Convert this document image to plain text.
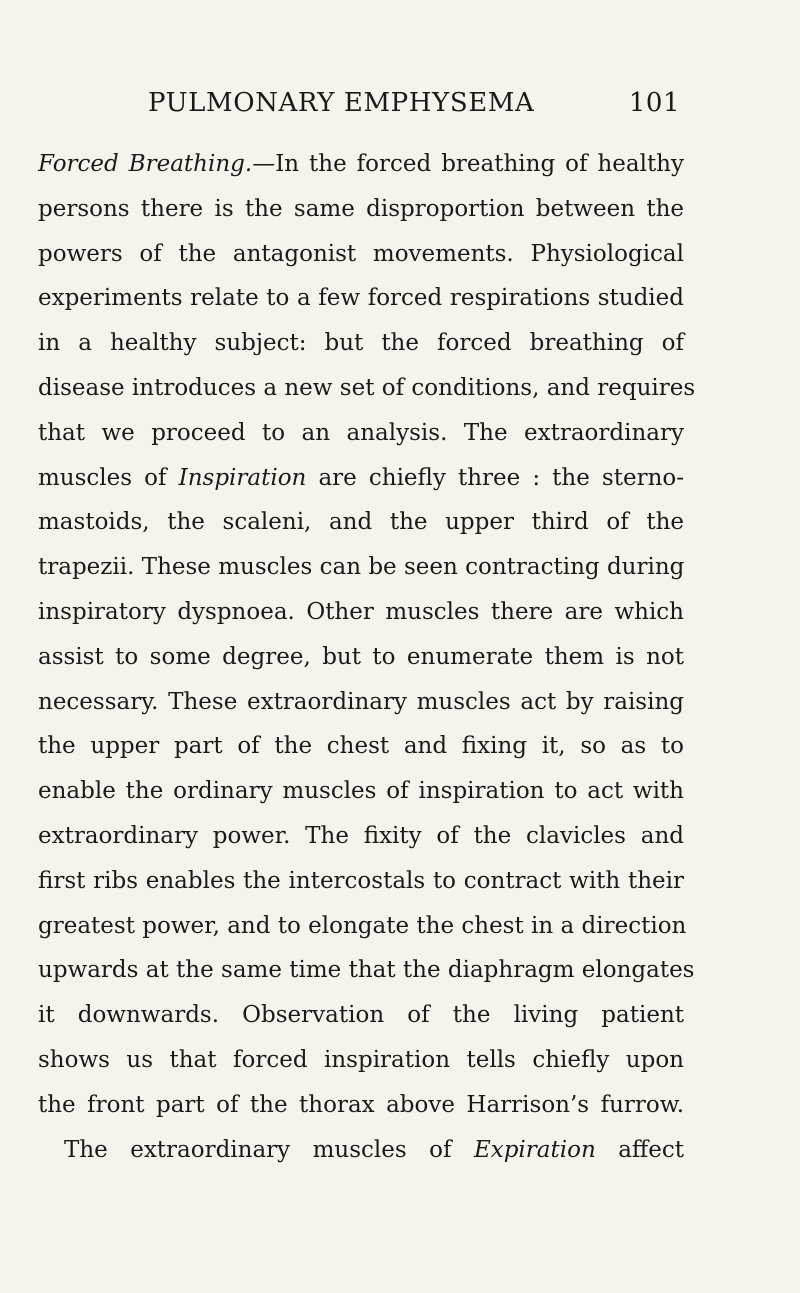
PULMONARY EMPHYSEMA	101
Forced Breathing.—In the forced breathing of healthy
persons there is the same disproportion between the
powers of the antagonist movements. Physiological
experiments relate to a few forced respirations studied
in a healthy subject: but the forced breathing of
disease introduces a new set of conditions, and requires
that we proceed to an analysis. The extraordinary
muscles of Inspiration are chiefly three : the sterno-
mastoids, the scaleni, and the upper third of the
trapezii. These muscles can be seen contracting during
inspiratory dyspnoea. Other muscles there are which
assist to some degree, but to enumerate them is not
necessary. These extraordinary muscles act by raising
the upper part of the chest and fixing it, so as to
enable the ordinary muscles of inspiration to act with
extraordinary power. The fixity of the clavicles and
first ribs enables the intercostals to contract with their
greatest power, and to elongate the chest in a direction
upwards at the same time that the diaphragm elongates
it downwards. Observation of the living patient
shows us that forced inspiration tells chiefly upon
the front part of the thorax above Harrison’s furrow.
The extraordinary muscles of Expiration affect
